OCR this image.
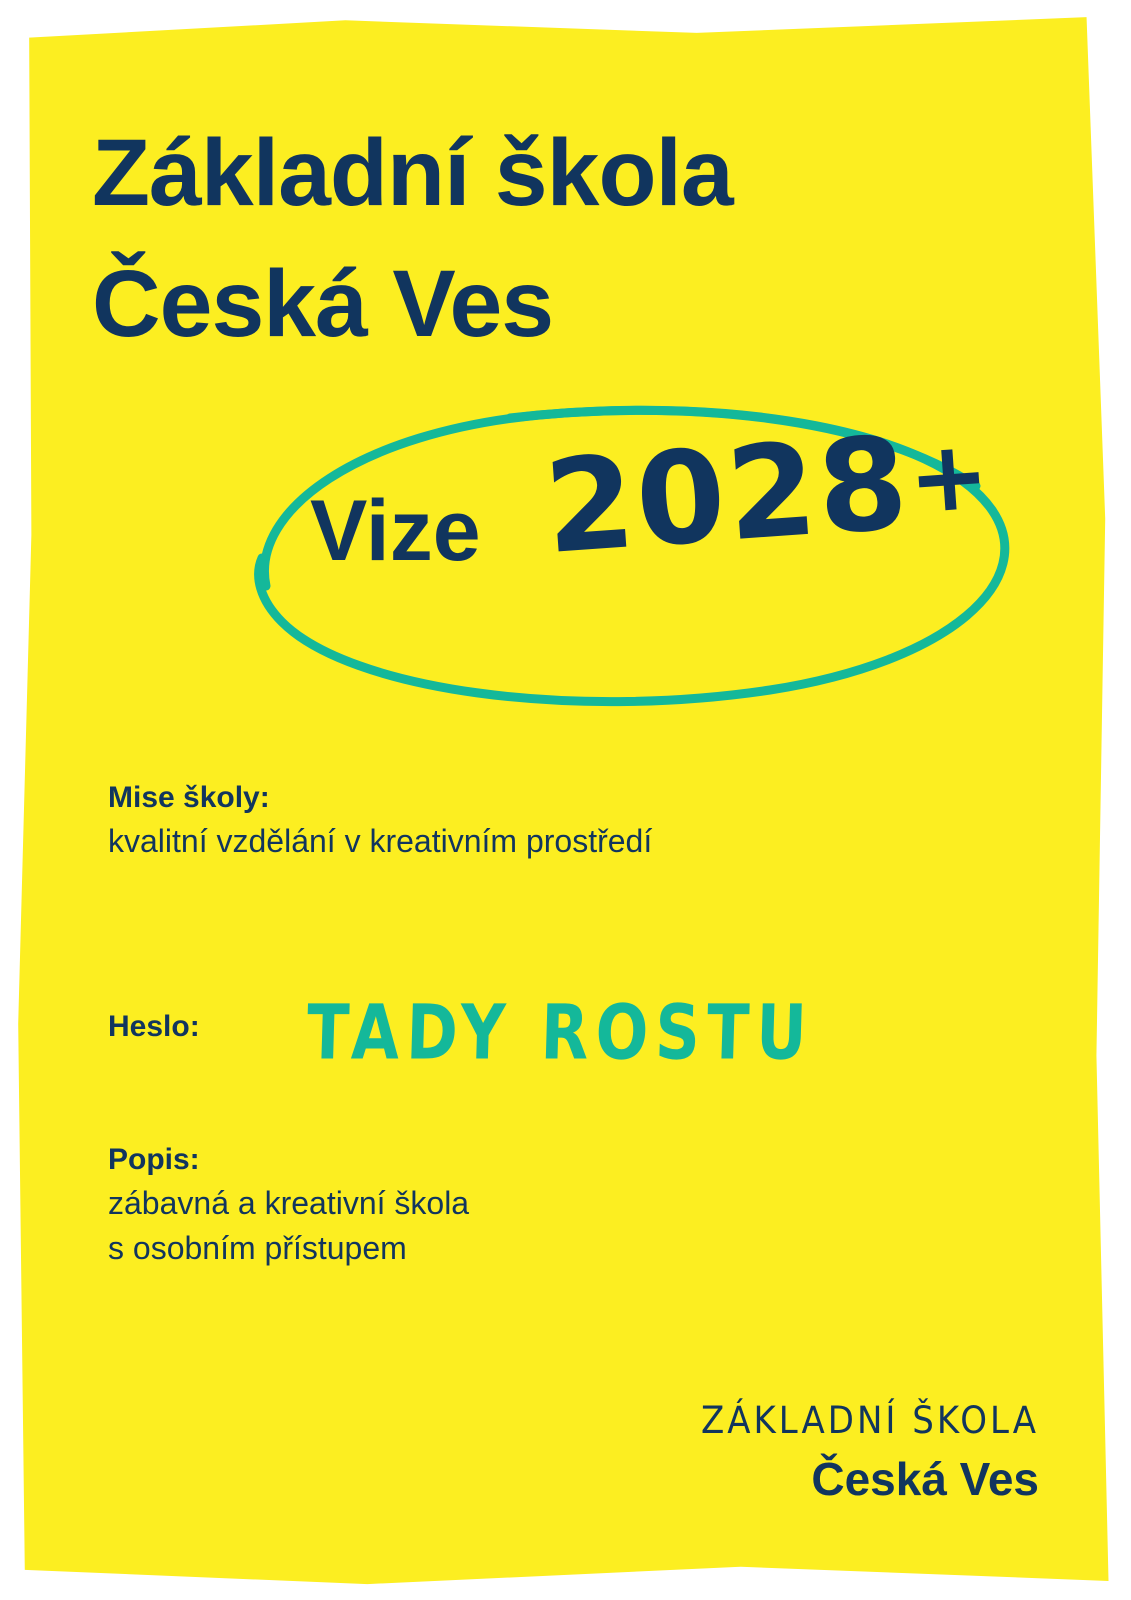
Základní škola
Česká Ves
Vize 2028+
Mise školy:
kvalitní vzdělání v kreativním prostředí
Heslo:	TADY ROSTU
Popis:
zábavná a kreativní škola
s osobním přístupem
ZÁKLADNÍ ŠKOLA
Česká Ves
